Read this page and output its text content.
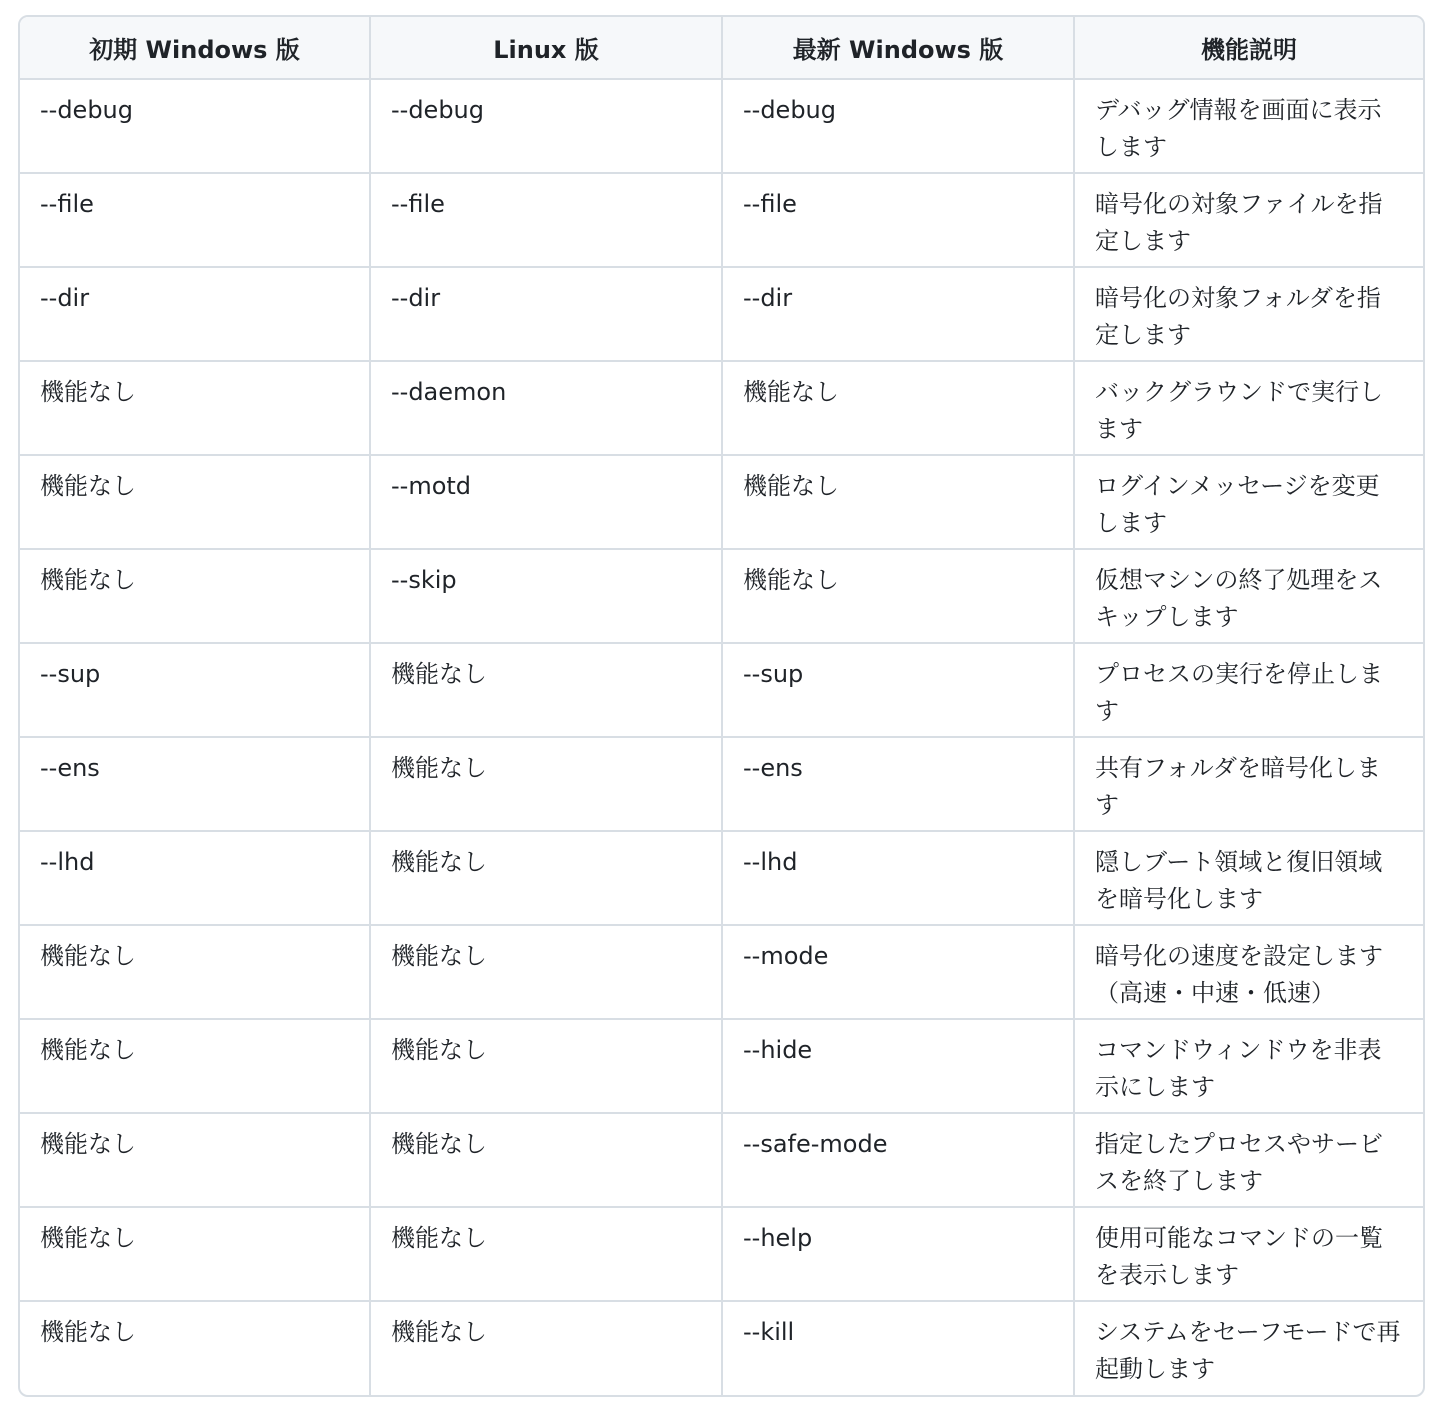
初期 Windows 版	Linux 版	最新 Windows 版	機能説明
--debug	--debug	--debug	デバッグ情報を画面に表示します
--file	--file	--file	暗号化の対象ファイルを指定します
--dir	--dir	--dir	暗号化の対象フォルダを指定します
機能なし	--daemon	機能なし	バックグラウンドで実行します
機能なし	--motd	機能なし	ログインメッセージを変更します
機能なし	--skip	機能なし	仮想マシンの終了処理をスキップします
--sup	機能なし	--sup	プロセスの実行を停止します
--ens	機能なし	--ens	共有フォルダを暗号化します
--lhd	機能なし	--lhd	隠しブート領域と復旧領域を暗号化します
機能なし	機能なし	--mode	暗号化の速度を設定します（高速・中速・低速）
機能なし	機能なし	--hide	コマンドウィンドウを非表示にします
機能なし	機能なし	--safe-mode	指定したプロセスやサービスを終了します
機能なし	機能なし	--help	使用可能なコマンドの一覧を表示します
機能なし	機能なし	--kill	システムをセーフモードで再起動します
